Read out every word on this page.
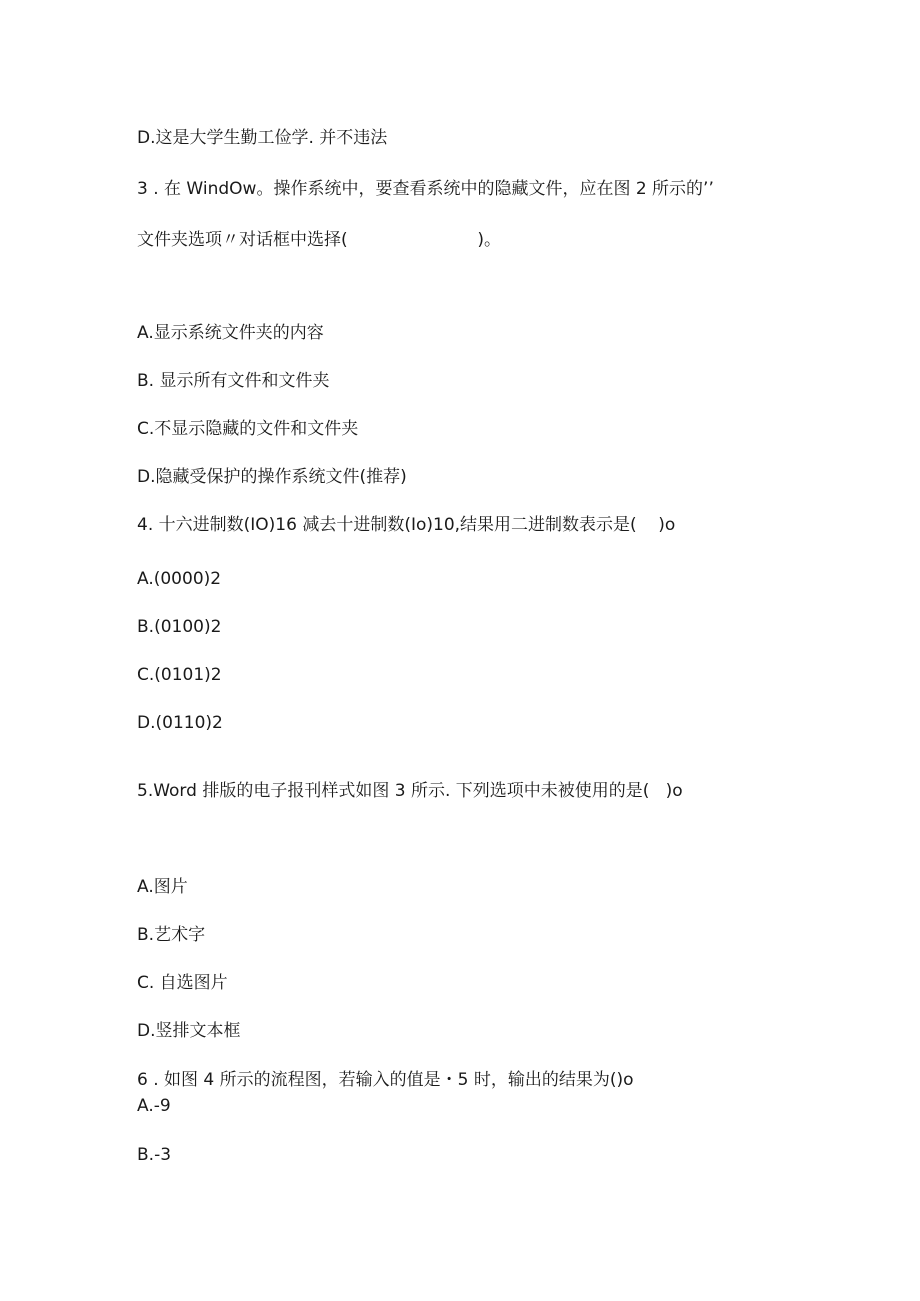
D.这是大学生勤工俭学. 并不违法

3 . 在 WindOw。操作系统中，要查看系统中的隐藏文件，应在图 2 所示的’’

文件夹选项〃对话框中选择(                        )。

A.显示系统文件夹的内容

B. 显示所有文件和文件夹

C.不显示隐藏的文件和文件夹

D.隐藏受保护的操作系统文件(推荐)

4. 十六进制数(IO)16 减去十进制数(Io)10,结果用二进制数表示是(    )o

A.(0000)2

B.(0100)2

C.(0101)2

D.(0110)2

5.Word 排版的电子报刊样式如图 3 所示. 下列选项中未被使用的是(   )o

A.图片

B.艺术字

C. 自选图片

D.竖排文本框

6 . 如图 4 所示的流程图，若输入的值是・5 时，输出的结果为()o

A.-9

B.-3
